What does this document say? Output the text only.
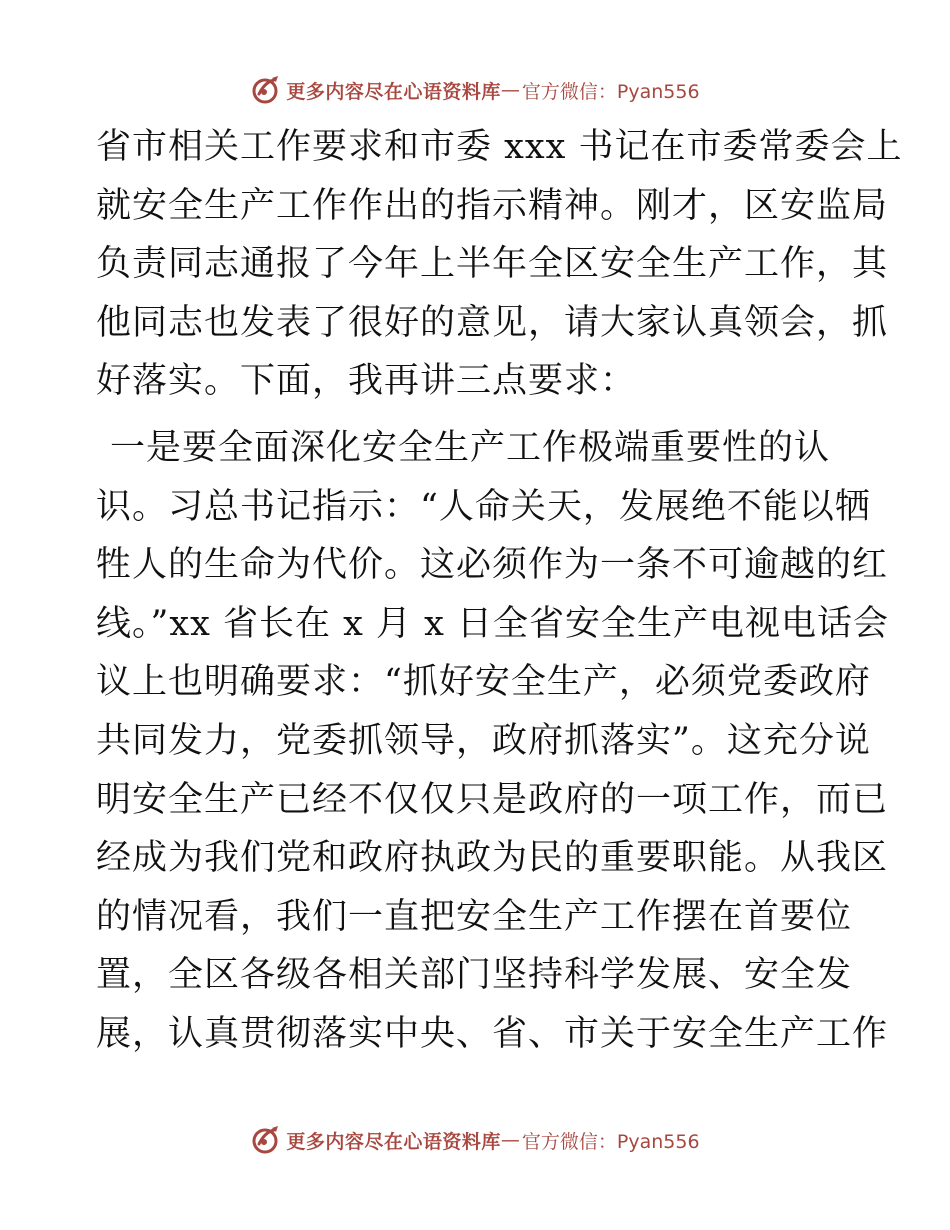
更多内容尽在心语资料库 — 官方微信：Pyan556
省市相关工作要求和市委 xxx 书记在市委常委会上
就安全生产工作作出的指示精神。刚才，区安监局
负责同志通报了今年上半年全区安全生产工作，其
他同志也发表了很好的意见，请大家认真领会，抓
好落实。下面，我再讲三点要求：
一是要全面深化安全生产工作极端重要性的认
识。习总书记指示：“人命关天，发展绝不能以牺
牲人的生命为代价。这必须作为一条不可逾越的红
线。”xx 省长在 x 月 x 日全省安全生产电视电话会
议上也明确要求：“抓好安全生产，必须党委政府
共同发力，党委抓领导，政府抓落实”。这充分说
明安全生产已经不仅仅只是政府的一项工作，而已
经成为我们党和政府执政为民的重要职能。从我区
的情况看，我们一直把安全生产工作摆在首要位
置，全区各级各相关部门坚持科学发展、安全发
展，认真贯彻落实中央、省、市关于安全生产工作
更多内容尽在心语资料库 — 官方微信：Pyan556
